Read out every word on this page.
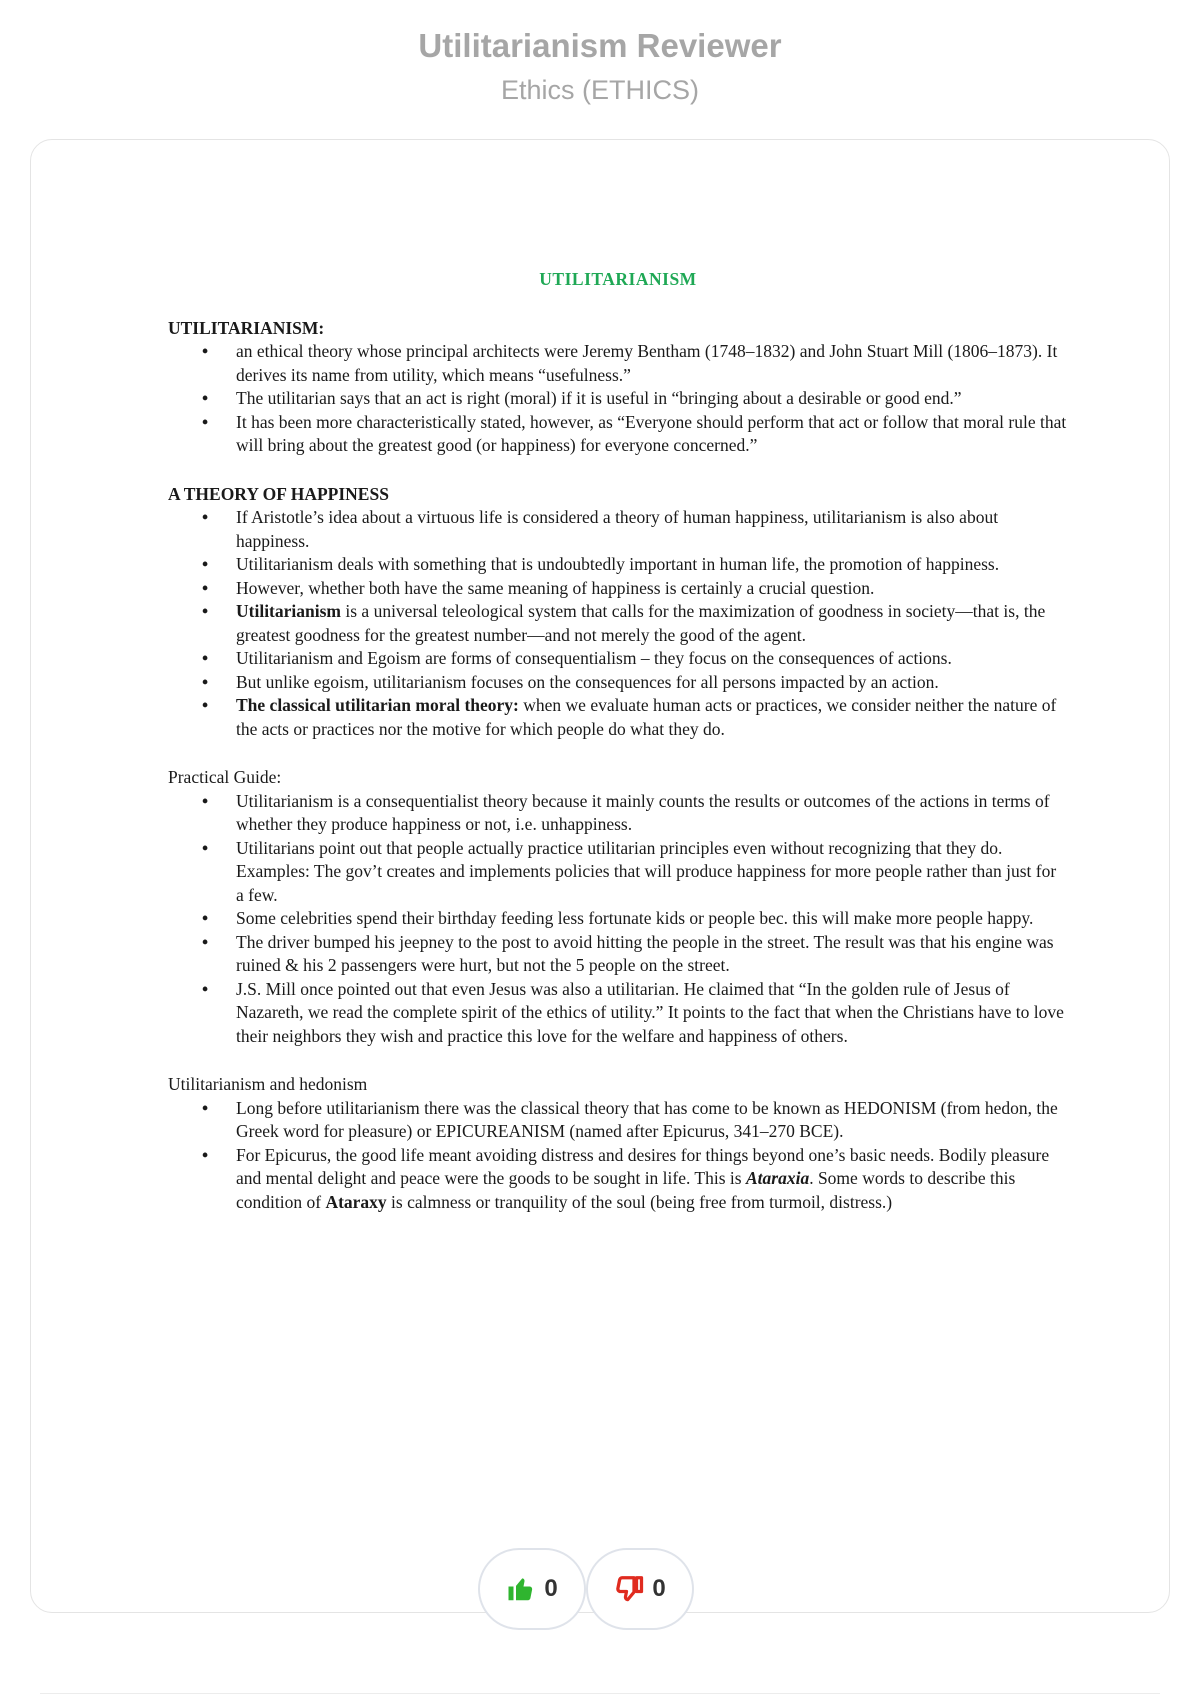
Utilitarianism Reviewer
Ethics (ETHICS)
UTILITARIANISM
UTILITARIANISM:
• an ethical theory whose principal architects were Jeremy Bentham (1748–1832) and John Stuart Mill (1806–1873). It derives its name from utility, which means “usefulness.”
• The utilitarian says that an act is right (moral) if it is useful in “bringing about a desirable or good end.”
• It has been more characteristically stated, however, as “Everyone should perform that act or follow that moral rule that will bring about the greatest good (or happiness) for everyone concerned.”
A THEORY OF HAPPINESS
• If Aristotle’s idea about a virtuous life is considered a theory of human happiness, utilitarianism is also about happiness.
• Utilitarianism deals with something that is undoubtedly important in human life, the promotion of happiness.
• However, whether both have the same meaning of happiness is certainly a crucial question.
• Utilitarianism is a universal teleological system that calls for the maximization of goodness in society—that is, the greatest goodness for the greatest number—and not merely the good of the agent.
• Utilitarianism and Egoism are forms of consequentialism – they focus on the consequences of actions.
• But unlike egoism, utilitarianism focuses on the consequences for all persons impacted by an action.
• The classical utilitarian moral theory: when we evaluate human acts or practices, we consider neither the nature of the acts or practices nor the motive for which people do what they do.
Practical Guide:
• Utilitarianism is a consequentialist theory because it mainly counts the results or outcomes of the actions in terms of whether they produce happiness or not, i.e. unhappiness.
• Utilitarians point out that people actually practice utilitarian principles even without recognizing that they do. Examples: The gov’t creates and implements policies that will produce happiness for more people rather than just for a few.
• Some celebrities spend their birthday feeding less fortunate kids or people bec. this will make more people happy.
• The driver bumped his jeepney to the post to avoid hitting the people in the street. The result was that his engine was ruined & his 2 passengers were hurt, but not the 5 people on the street.
• J.S. Mill once pointed out that even Jesus was also a utilitarian. He claimed that “In the golden rule of Jesus of Nazareth, we read the complete spirit of the ethics of utility.” It points to the fact that when the Christians have to love their neighbors they wish and practice this love for the welfare and happiness of others.
Utilitarianism and hedonism
• Long before utilitarianism there was the classical theory that has come to be known as HEDONISM (from hedon, the Greek word for pleasure) or EPICUREANISM (named after Epicurus, 341–270 BCE).
• For Epicurus, the good life meant avoiding distress and desires for things beyond one’s basic needs. Bodily pleasure and mental delight and peace were the goods to be sought in life. This is Ataraxia. Some words to describe this condition of Ataraxy is calmness or tranquility of the soul (being free from turmoil, distress.)
0	0
